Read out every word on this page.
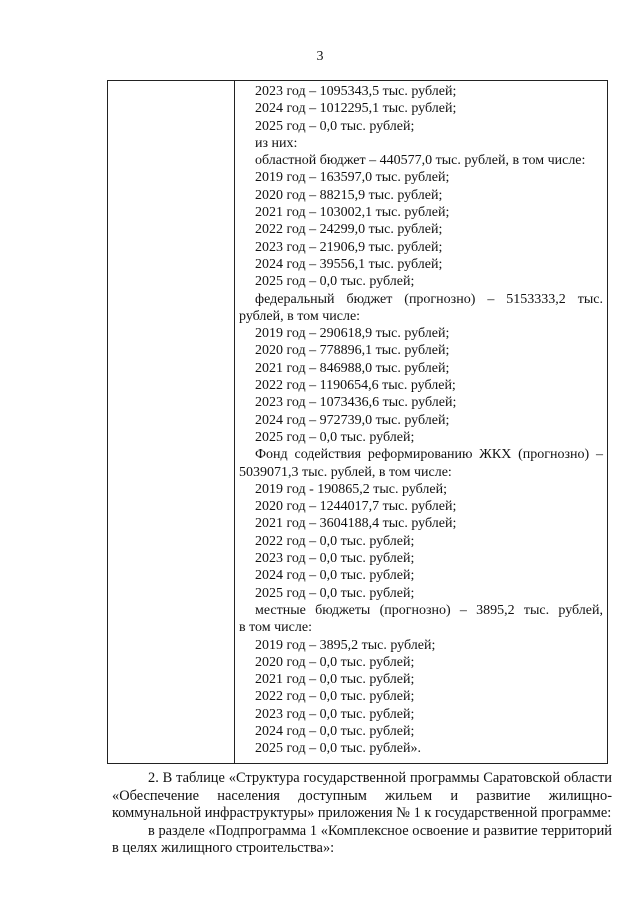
3
2023 год – 1095343,5 тыс. рублей;
2024 год – 1012295,1 тыс. рублей;
2025 год – 0,0 тыс. рублей;
из них:
областной бюджет – 440577,0 тыс. рублей, в том числе:
2019 год – 163597,0 тыс. рублей;
2020 год – 88215,9 тыс. рублей;
2021 год – 103002,1 тыс. рублей;
2022 год – 24299,0 тыс. рублей;
2023 год – 21906,9 тыс. рублей;
2024 год – 39556,1 тыс. рублей;
2025 год – 0,0 тыс. рублей;
федеральный бюджет (прогнозно) – 5153333,2 тыс.
рублей, в том числе:
2019 год – 290618,9 тыс. рублей;
2020 год – 778896,1 тыс. рублей;
2021 год – 846988,0 тыс. рублей;
2022 год – 1190654,6 тыс. рублей;
2023 год – 1073436,6 тыс. рублей;
2024 год – 972739,0 тыс. рублей;
2025 год – 0,0 тыс. рублей;
Фонд содействия реформированию ЖКХ (прогнозно) –
5039071,3 тыс. рублей, в том числе:
2019 год - 190865,2 тыс. рублей;
2020 год – 1244017,7 тыс. рублей;
2021 год – 3604188,4 тыс. рублей;
2022 год – 0,0 тыс. рублей;
2023 год – 0,0 тыс. рублей;
2024 год – 0,0 тыс. рублей;
2025 год – 0,0 тыс. рублей;
местные бюджеты (прогнозно) – 3895,2 тыс. рублей,
в том числе:
2019 год – 3895,2 тыс. рублей;
2020 год – 0,0 тыс. рублей;
2021 год – 0,0 тыс. рублей;
2022 год – 0,0 тыс. рублей;
2023 год – 0,0 тыс. рублей;
2024 год – 0,0 тыс. рублей;
2025 год – 0,0 тыс. рублей».
2. В таблице «Структура государственной программы Саратовской области «Обеспечение населения доступным жильем и развитие жилищно-коммунальной инфраструктуры» приложения № 1 к государственной программе:
в разделе «Подпрограмма 1 «Комплексное освоение и развитие территорий в целях жилищного строительства»:
